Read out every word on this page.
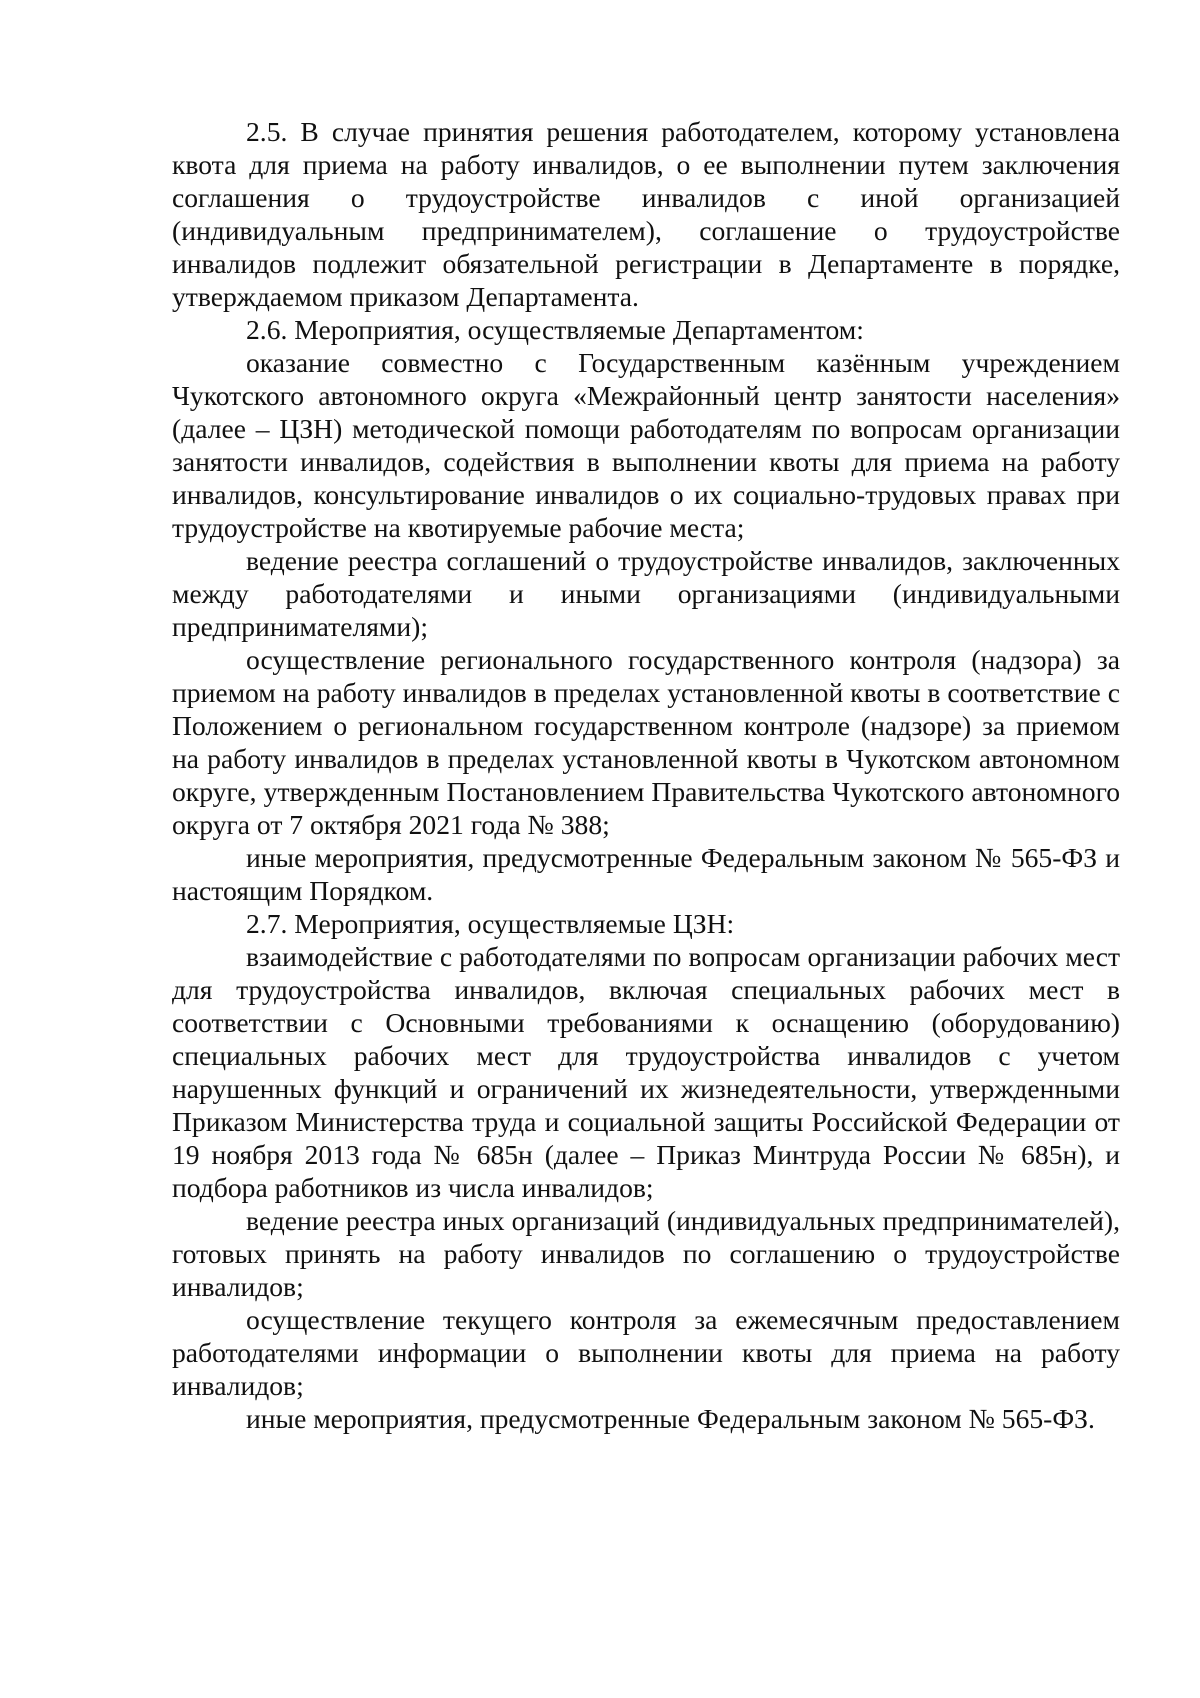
2.5. В случае принятия решения работодателем, которому установлена квота для приема на работу инвалидов, о ее выполнении путем заключения соглашения о трудоустройстве инвалидов с иной организацией (индивидуальным предпринимателем), соглашение о трудоустройстве инвалидов подлежит обязательной регистрации в Департаменте в порядке, утверждаемом приказом Департамента.

2.6. Мероприятия, осуществляемые Департаментом:

оказание совместно с Государственным казённым учреждением Чукотского автономного округа «Межрайонный центр занятости населения» (далее – ЦЗН) методической помощи работодателям по вопросам организации занятости инвалидов, содействия в выполнении квоты для приема на работу инвалидов, консультирование инвалидов о их социально-трудовых правах при трудоустройстве на квотируемые рабочие места;

ведение реестра соглашений о трудоустройстве инвалидов, заключенных между работодателями и иными организациями (индивидуальными предпринимателями);

осуществление регионального государственного контроля (надзора) за приемом на работу инвалидов в пределах установленной квоты в соответствие с Положением о региональном государственном контроле (надзоре) за приемом на работу инвалидов в пределах установленной квоты в Чукотском автономном округе, утвержденным Постановлением Правительства Чукотского автономного округа от 7 октября 2021 года № 388;

иные мероприятия, предусмотренные Федеральным законом № 565-ФЗ и настоящим Порядком.

2.7. Мероприятия, осуществляемые ЦЗН:

взаимодействие с работодателями по вопросам организации рабочих мест для трудоустройства инвалидов, включая специальных рабочих мест в соответствии с Основными требованиями к оснащению (оборудованию) специальных рабочих мест для трудоустройства инвалидов с учетом нарушенных функций и ограничений их жизнедеятельности, утвержденными Приказом Министерства труда и социальной защиты Российской Федерации от 19 ноября 2013 года № 685н (далее – Приказ Минтруда России № 685н), и подбора работников из числа инвалидов;

ведение реестра иных организаций (индивидуальных предпринимателей), готовых принять на работу инвалидов по соглашению о трудоустройстве инвалидов;

осуществление текущего контроля за ежемесячным предоставлением работодателями информации о выполнении квоты для приема на работу инвалидов;

иные мероприятия, предусмотренные Федеральным законом № 565-ФЗ.
